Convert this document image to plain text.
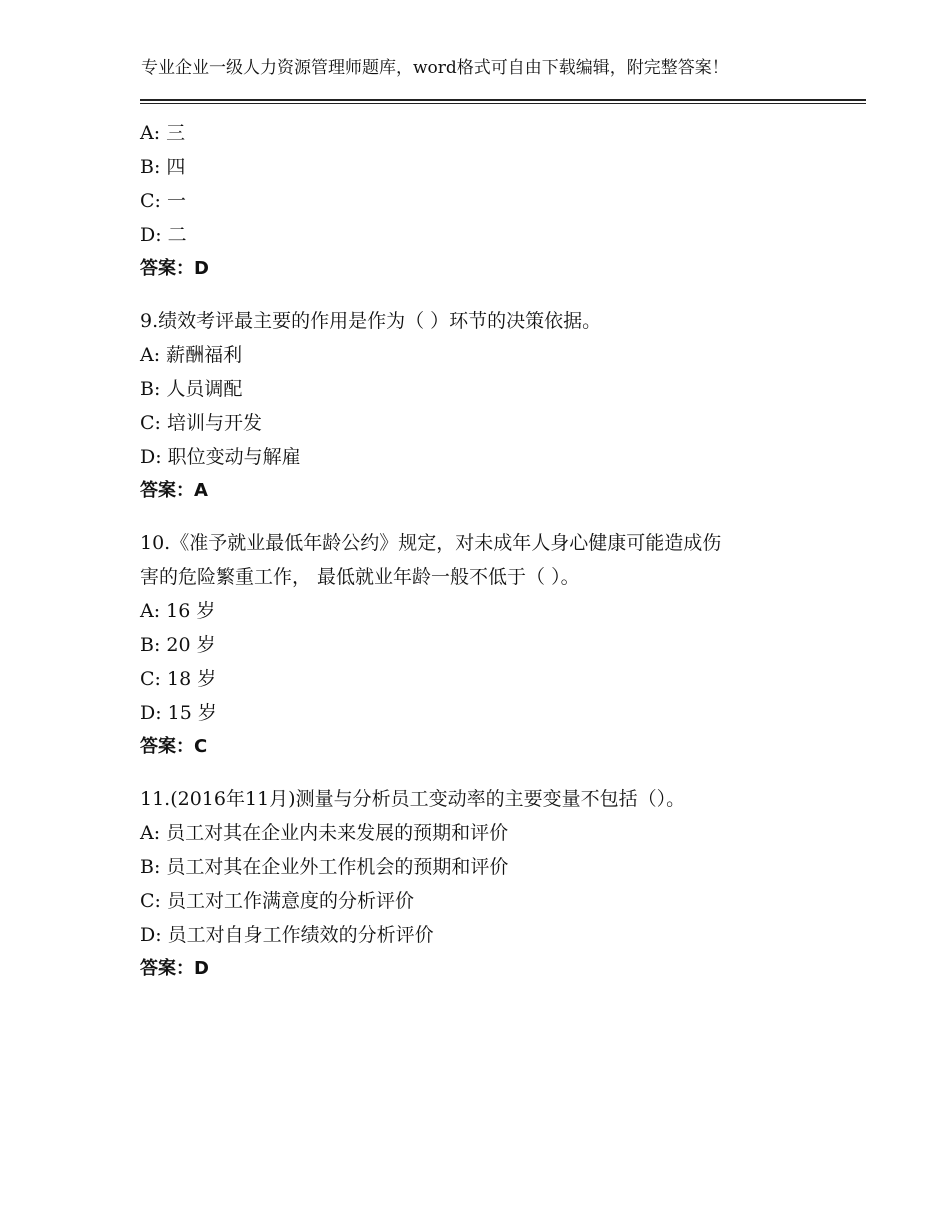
专业企业一级人力资源管理师题库，word格式可自由下载编辑，附完整答案！
A: 三
B: 四
C: 一
D: 二
答案：D
9.绩效考评最主要的作用是作为（ ）环节的决策依据。
A: 薪酬福利
B: 人员调配
C: 培训与开发
D: 职位变动与解雇
答案：A
10.《准予就业最低年龄公约》规定，对未成年人身心健康可能造成伤
害的危险繁重工作， 最低就业年龄一般不低于（ ）。
A: 16 岁
B: 20 岁
C: 18 岁
D: 15 岁
答案：C
11.(2016年11月)测量与分析员工变动率的主要变量不包括（）。
A: 员工对其在企业内未来发展的预期和评价
B: 员工对其在企业外工作机会的预期和评价
C: 员工对工作满意度的分析评价
D: 员工对自身工作绩效的分析评价
答案：D
